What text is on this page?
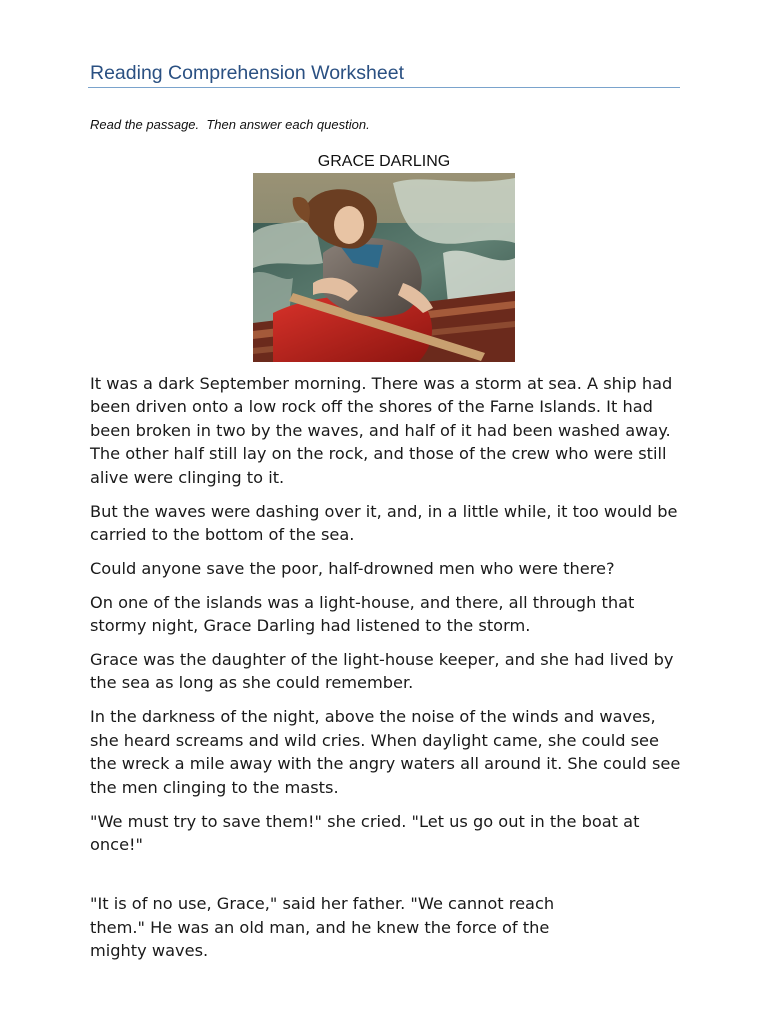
Reading Comprehension Worksheet
Read the passage.  Then answer each question.
GRACE DARLING

It was a dark September morning. There was a storm at sea. A ship had been driven onto a low rock off the shores of the Farne Islands. It had been broken in two by the waves, and half of it had been washed away. The other half still lay on the rock, and those of the crew who were still alive were clinging to it.

But the waves were dashing over it, and, in a little while, it too would be carried to the bottom of the sea.

Could anyone save the poor, half-drowned men who were there?

On one of the islands was a light-house, and there, all through that stormy night, Grace Darling had listened to the storm.

Grace was the daughter of the light-house keeper, and she had lived by the sea as long as she could remember.

In the darkness of the night, above the noise of the winds and waves, she heard screams and wild cries. When daylight came, she could see the wreck a mile away with the angry waters all around it. She could see the men clinging to the masts.

"We must try to save them!" she cried. "Let us go out in the boat at once!"

"It is of no use, Grace," said her father. "We cannot reach them." He was an old man, and he knew the force of the mighty waves.
